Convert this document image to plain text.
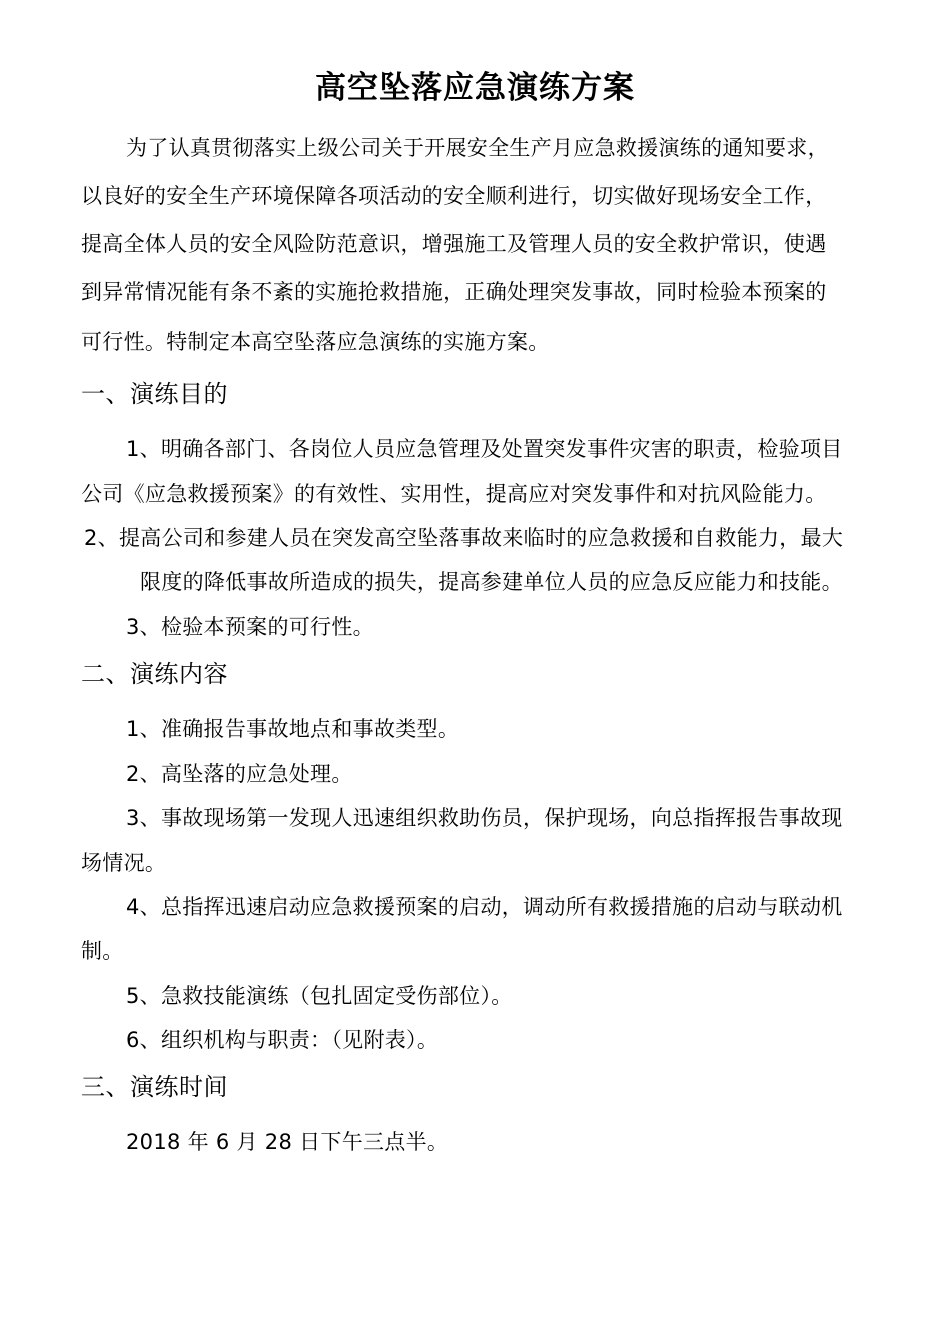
高空坠落应急演练方案
为了认真贯彻落实上级公司关于开展安全生产月应急救援演练的通知要求，
以良好的安全生产环境保障各项活动的安全顺利进行，切实做好现场安全工作，
提高全体人员的安全风险防范意识，增强施工及管理人员的安全救护常识，使遇
到异常情况能有条不紊的实施抢救措施，正确处理突发事故，同时检验本预案的
可行性。特制定本高空坠落应急演练的实施方案。
一、演练目的
1、明确各部门、各岗位人员应急管理及处置突发事件灾害的职责，检验项目
公司《应急救援预案》的有效性、实用性，提高应对突发事件和对抗风险能力。
2、提高公司和参建人员在突发高空坠落事故来临时的应急救援和自救能力，最大
限度的降低事故所造成的损失，提高参建单位人员的应急反应能力和技能。
3、检验本预案的可行性。
二、演练内容
1、准确报告事故地点和事故类型。
2、高坠落的应急处理。
3、事故现场第一发现人迅速组织救助伤员，保护现场，向总指挥报告事故现
场情况。
4、总指挥迅速启动应急救援预案的启动，调动所有救援措施的启动与联动机
制。
5、急救技能演练（包扎固定受伤部位）。
6、组织机构与职责：（见附表）。
三、演练时间
2018 年 6 月 28 日下午三点半。
